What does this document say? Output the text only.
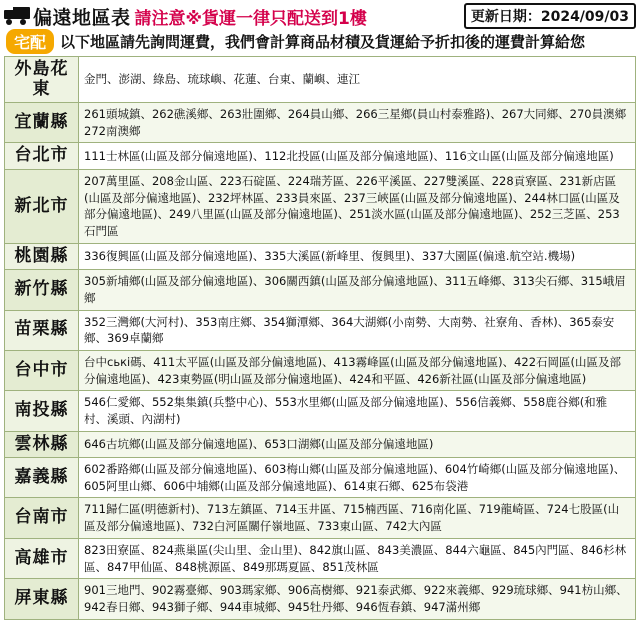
偏遠地區表 請注意※貨運一律只配送到1樓	更新日期：2024/09/03
宅配 以下地區請先詢問運費，我們會計算商品材積及貨運給予折扣後的運費計算給您
外島花東	金門、澎湖、綠島、琉球嶼、花蓮、台東、蘭嶼、連江
宜蘭縣	261頭城鎮、262礁溪鄉、263壯圍鄉、264員山鄉、266三星鄉(員山村泰雅路)、267大同鄉、270員澳鄉 272南澳鄉
台北市	111士林區(山區及部分偏遠地區)、112北投區(山區及部分偏遠地區)、116文山區(山區及部分偏遠地區)
新北市	207萬里區、208金山區、223石碇區、224瑞芳區、226平溪區、227雙溪區、228貢寮區、231新店區(山區及部分偏遠地區)、232坪林區、233員來區、237三峽區(山區及部分偏遠地區)、244林口區(山區及部分偏遠地區)、249八里區(山區及部分偏遠地區)、251淡水區(山區及部分偏遠地區)、252三芝區、253石門區
桃園縣	336復興區(山區及部分偏遠地區)、335大溪區(新峰里、復興里)、337大園區(偏遠.航空站.機場)
新竹縣	305新埔鄉(山區及部分偏遠地區)、306關西鎮(山區及部分偏遠地區)、311五峰鄉、313尖石鄉、315峨眉鄉
苗栗縣	352三灣鄉(大河村)、353南庄鄉、354獅潭鄉、364大湖鄉(小南勢、大南勢、社寮角、香林)、365泰安鄉、369卓蘭鄉
台中市	台中ські碼、411太平區(山區及部分偏遠地區)、413霧峰區(山區及部分偏遠地區)、422石岡區(山區及部分偏遠地區)、423東勢區(明山區及部分偏遠地區)、424和平區、426新社區(山區及部分偏遠地區)
南投縣	546仁愛鄉、552集集鎮(兵整中心)、553水里鄉(山區及部分偏遠地區)、556信義鄉、558鹿谷鄉(和雅村、溪頭、內湖村)
雲林縣	646古坑鄉(山區及部分偏遠地區)、653口湖鄉(山區及部分偏遠地區)
嘉義縣	602番路鄉(山區及部分偏遠地區)、603梅山鄉(山區及部分偏遠地區)、604竹崎鄉(山區及部分偏遠地區)、605阿里山鄉、606中埔鄉(山區及部分偏遠地區)、614東石鄉、625布袋港
台南市	711歸仁區(明德新村)、713左鎮區、714玉井區、715楠西區、716南化區、719龍崎區、724七股區(山區及部分偏遠地區)、732白河區關仔嶺地區、733東山區、742大內區
高雄市	823田寮區、824燕巢區(尖山里、金山里)、842旗山區、843美濃區、844六龜區、845內門區、846杉林區、847甲仙區、848桃源區、849那瑪夏區、851茂林區
屏東縣	901三地門、902霧臺鄉、903瑪家鄉、906高樹鄉、921泰武鄉、922來義鄉、929琉球鄉、941枋山鄉、942春日鄉、943獅子鄉、944車城鄉、945牡丹鄉、946恆春鎮、947滿州鄉
